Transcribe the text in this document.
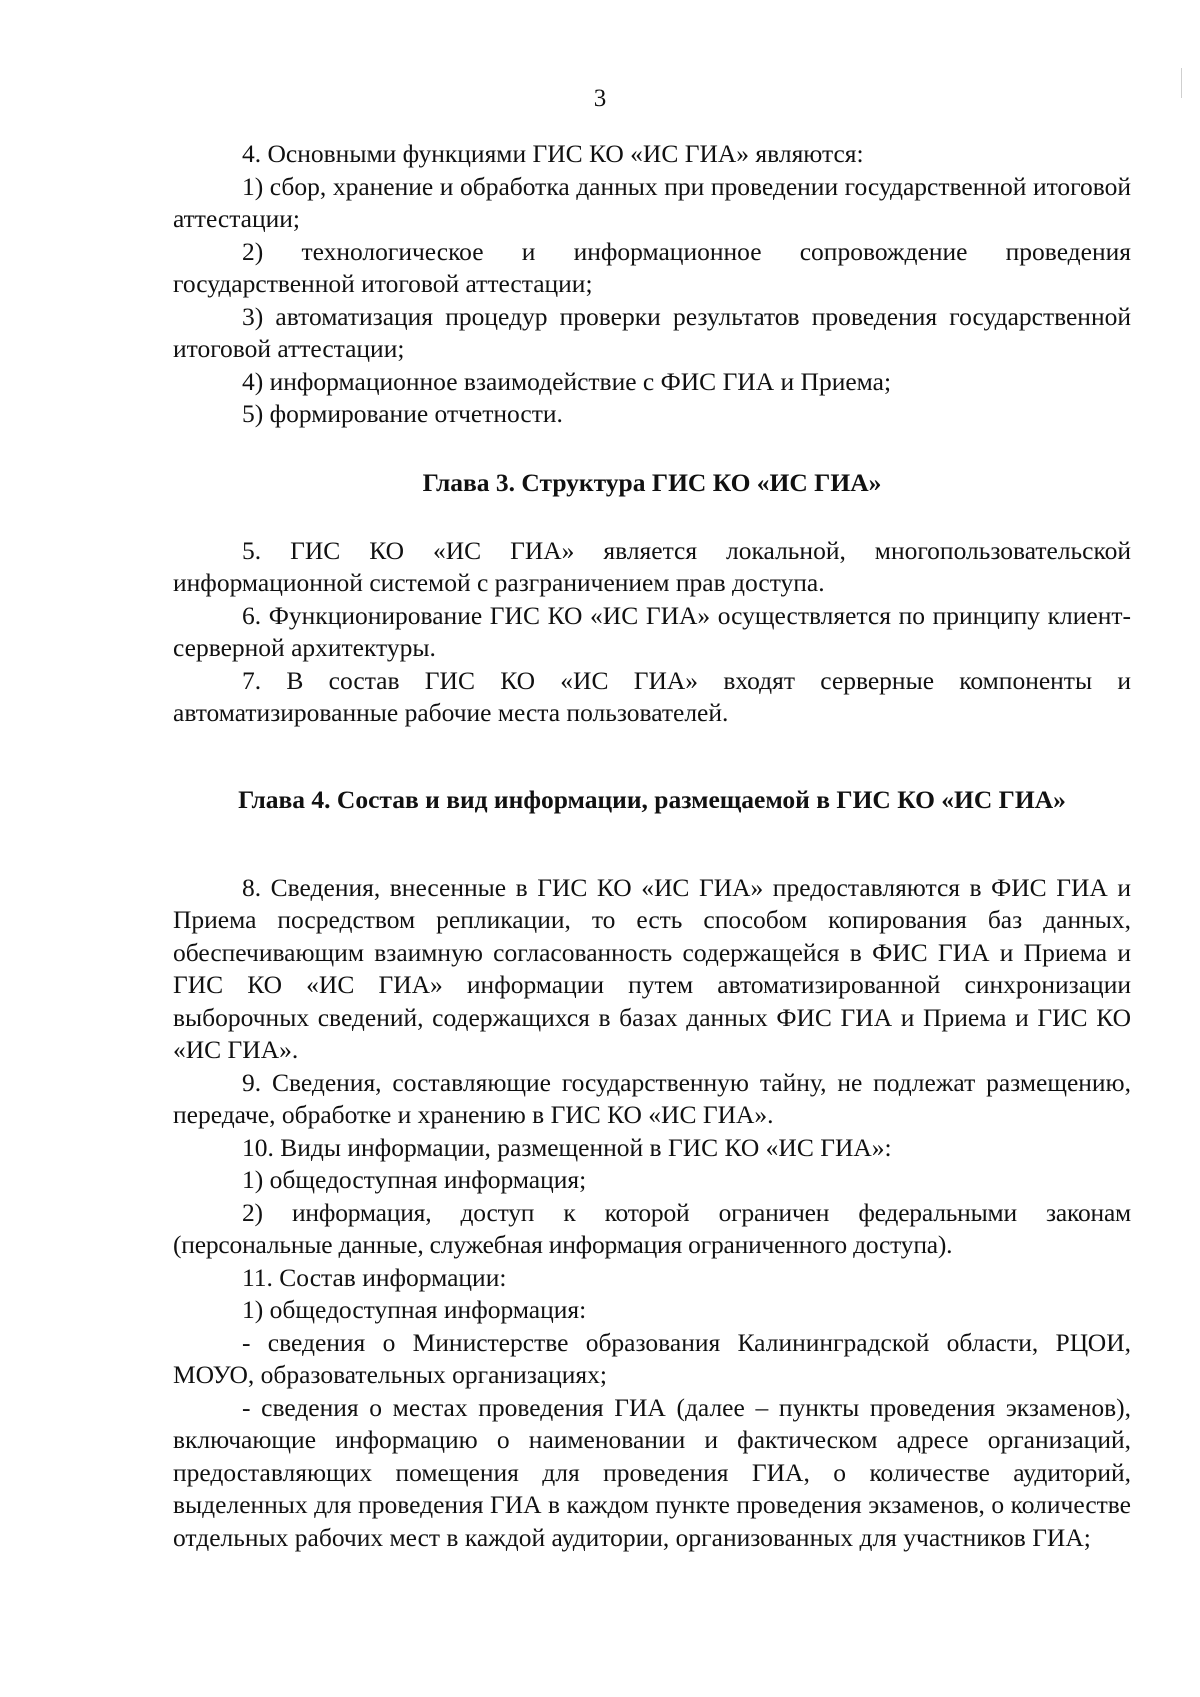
3

4. Основными функциями ГИС КО «ИС ГИА» являются:

1) сбор, хранение и обработка данных при проведении государственной итоговой аттестации;

2) технологическое и информационное сопровождение проведения государственной итоговой аттестации;

3) автоматизация процедур проверки результатов проведения государственной итоговой аттестации;

4) информационное взаимодействие с ФИС ГИА и Приема;

5) формирование отчетности.

Глава 3. Структура ГИС КО «ИС ГИА»

5. ГИС КО «ИС ГИА» является локальной, многопользовательской информационной системой с разграничением прав доступа.

6. Функционирование ГИС КО «ИС ГИА» осуществляется по принципу клиент-серверной архитектуры.

7. В состав ГИС КО «ИС ГИА» входят серверные компоненты и автоматизированные рабочие места пользователей.

Глава 4. Состав и вид информации, размещаемой в ГИС КО «ИС ГИА»

8. Сведения, внесенные в ГИС КО «ИС ГИА» предоставляются в ФИС ГИА и Приема посредством репликации, то есть способом копирования баз данных, обеспечивающим взаимную согласованность содержащейся в ФИС ГИА и Приема и ГИС КО «ИС ГИА» информации путем автоматизированной синхронизации выборочных сведений, содержащихся в базах данных ФИС ГИА и Приема и ГИС КО «ИС ГИА».

9. Сведения, составляющие государственную тайну, не подлежат размещению, передаче, обработке и хранению в ГИС КО «ИС ГИА».

10. Виды информации, размещенной в ГИС КО «ИС ГИА»:

1) общедоступная информация;

2) информация, доступ к которой ограничен федеральными законам (персональные данные, служебная информация ограниченного доступа).

11. Состав информации:

1) общедоступная информация:

- сведения о Министерстве образования Калининградской области, РЦОИ, МОУО, образовательных организациях;

- сведения о местах проведения ГИА (далее – пункты проведения экзаменов), включающие информацию о наименовании и фактическом адресе организаций, предоставляющих помещения для проведения ГИА, о количестве аудиторий, выделенных для проведения ГИА в каждом пункте проведения экзаменов, о количестве отдельных рабочих мест в каждой аудитории, организованных для участников ГИА;
